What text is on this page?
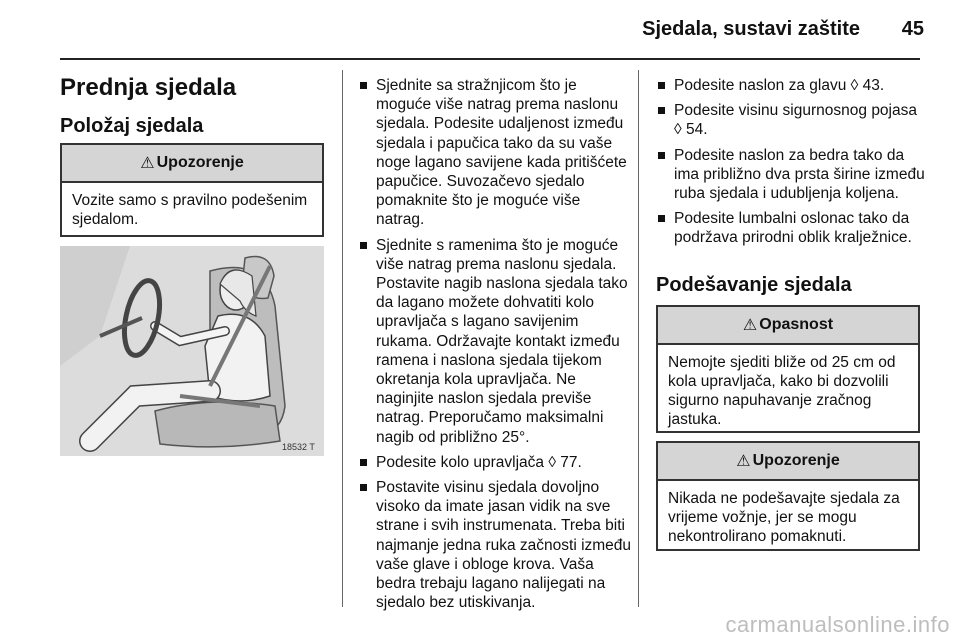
Sjedala, sustavi zaštite	45
Prednja sjedala
Položaj sjedala
⚠ Upozorenje
Vozite samo s pravilno podešenim sjedalom.
18532 T
Sjednite sa stražnjicom što je moguće više natrag prema naslonu sjedala. Podesite udaljenost između sjedala i papučica tako da su vaše noge lagano savijene kada pritišćete papučice. Suvozačevo sjedalo pomaknite što je moguće više natrag.
Sjednite s ramenima što je moguće više natrag prema naslonu sjedala. Postavite nagib naslona sjedala tako da lagano možete dohvatiti kolo upravljača s lagano savijenim rukama. Održavajte kontakt između ramena i naslona sjedala tijekom okretanja kola upravljača. Ne naginjite naslon sjedala previše natrag. Preporučamo maksimalni nagib od približno 25°.
Podesite kolo upravljača ◊ 77.
Postavite visinu sjedala dovoljno visoko da imate jasan vidik na sve strane i svih instrumenata. Treba biti najmanje jedna ruka začnosti između vaše glave i obloge krova. Vaša bedra trebaju lagano nalijegati na sjedalo bez utiskivanja.
Podesite naslon za glavu ◊ 43.
Podesite visinu sigurnosnog pojasa ◊ 54.
Podesite naslon za bedra tako da ima približno dva prsta širine između ruba sjedala i udubljenja koljena.
Podesite lumbalni oslonac tako da podržava prirodni oblik kralježnice.
Podešavanje sjedala
⚠ Opasnost
Nemojte sjediti bliže od 25 cm od kola upravljača, kako bi dozvolili sigurno napuhavanje zračnog jastuka.
⚠ Upozorenje
Nikada ne podešavajte sjedala za vrijeme vožnje, jer se mogu nekontrolirano pomaknuti.
carmanualsonline.info
